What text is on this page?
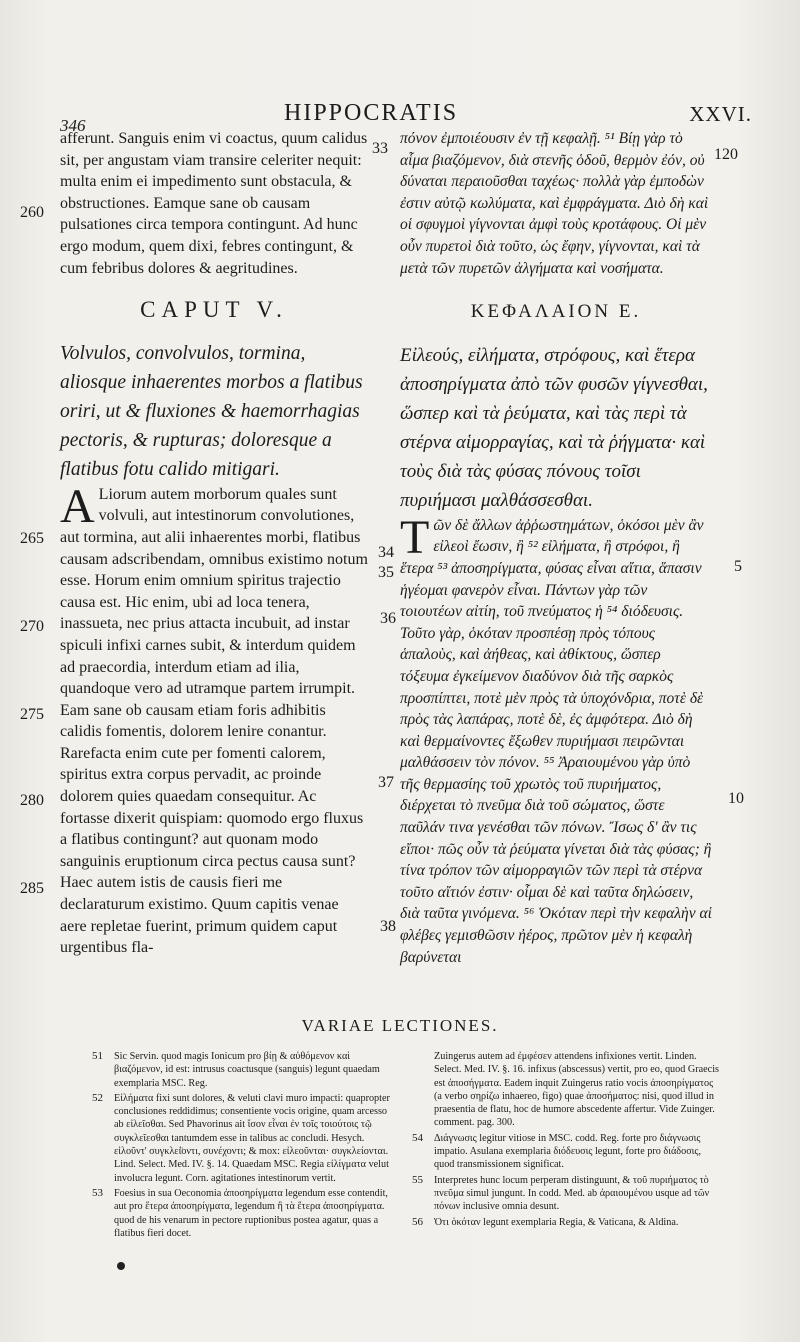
346	HIPPOCRATIS	XXVI.

afferunt. Sanguis enim vi coactus, quum calidus sit, per angustam viam transire celeriter nequit: multa enim ei impedimento sunt obstacula, & obstructiones. Eamque sane ob causam pulsationes circa tempora contingunt. Ad hunc ergo modum, quem dixi, febres contingunt, & cum febribus dolores & aegritudines.

CAPUT V.

Volvulos, convolvulos, tormina, aliosque inhaerentes morbos a flatibus oriri, ut & fluxiones & haemorrhagias pectoris, & rupturas; doloresque a flatibus fotu calido mitigari.

A Liorum autem morborum quales sunt volvuli, aut intestinorum convolutiones, aut tormina, aut alii inhaerentes morbi, flatibus causam adscribendam, omnibus existimo notum esse. Horum enim omnium spiritus trajectio causa est. Hic enim, ubi ad loca tenera, inassueta, nec prius attacta incubuit, ad instar spiculi infixi carnes subit, & interdum quidem ad praecordia, interdum etiam ad ilia, quandoque vero ad utramque partem irrumpit. Eam sane ob causam etiam foris adhibitis calidis fomentis, dolorem lenire conantur. Rarefacta enim cute per fomenti calorem, spiritus extra corpus pervadit, ac proinde dolorem quies quaedam consequitur. Ac fortasse dixerit quispiam: quomodo ergo fluxus a flatibus contingunt? aut quonam modo sanguinis eruptionum circa pectus causa sunt? Haec autem istis de causis fieri me declaraturum existimo. Quum capitis venae aere repletae fuerint, primum quidem caput urgentibus fla-

πόνον ἐμποιέουσιν ἐν τῇ κεφαλῇ. ⁵¹ Βίῃ γὰρ τὸ αἷμα βιαζόμενον, διὰ στενῆς ὁδοῦ, θερμὸν ἐόν, οὐ δύναται περαιοῦσθαι ταχέως· πολλὰ γὰρ ἐμποδὼν ἐστιν αὐτῷ κωλύματα, καὶ ἐμφράγματα. Διὸ δὴ καὶ οἱ σφυγμοὶ γίγνονται ἀμφὶ τοὺς κροτάφους. Οἱ μὲν οὖν πυρετοὶ διὰ τοῦτο, ὡς ἔφην, γίγνονται, καὶ τὰ μετὰ τῶν πυρετῶν ἀλγήματα καὶ νοσήματα.

ΚΕΦΑΛΑΙΟΝ Ε.

Εἰλεούς, εἰλήματα, στρόφους, καὶ ἕτερα ἀποσηρίγματα ἀπὸ τῶν φυσῶν γίγνεσθαι, ὥσπερ καὶ τὰ ῥεύματα, καὶ τὰς περὶ τὰ στέρνα αἱμορραγίας, καὶ τὰ ῥήγματα· καὶ τοὺς διὰ τὰς φύσας πόνους τοῖσι πυριήμασι μαλθάσσεσθαι.

Τῶν δὲ ἄλλων ἀῤῥωστημάτων, ὁκόσοι μὲν ἂν εἰλεοὶ ἔωσιν, ἢ ⁵² εἰλήματα, ἢ στρόφοι, ἢ ἕτερα ⁵³ ἀποσηρίγματα, φύσας εἶναι αἴτια, ἅπασιν ἡγέομαι φανερὸν εἶναι. Πάντων γὰρ τῶν τοιουτέων αἰτίη, τοῦ πνεύματος ἡ ⁵⁴ διόδευσις. Τοῦτο γὰρ, ὁκόταν προσπέσῃ πρὸς τόπους ἁπαλοὺς, καὶ ἀήθεας, καὶ ἀθίκτους, ὥσπερ τόξευμα ἐγκείμενον διαδύνον διὰ τῆς σαρκὸς προσπίπτει, ποτὲ μὲν πρὸς τὰ ὑποχόνδρια, ποτὲ δὲ πρὸς τὰς λαπάρας, ποτὲ δὲ, ἐς ἀμφότερα. Διὸ δὴ καὶ θερμαίνοντες ἔξωθεν πυριήμασι πειρῶνται μαλθάσσειν τὸν πόνον. ⁵⁵ Ἀραιουμένου γὰρ ὑπὸ τῆς θερμασίης τοῦ χρωτὸς τοῦ πυριήματος, διέρχεται τὸ πνεῦμα διὰ τοῦ σώματος, ὥστε παῦλάν τινα γενέσθαι τῶν πόνων. Ἴσως δ' ἂν τις εἴποι· πῶς οὖν τὰ ῥεύματα γίνεται διὰ τὰς φύσας; ἢ τίνα τρόπον τῶν αἱμορραγιῶν τῶν περὶ τὰ στέρνα τοῦτο αἴτιόν ἐστιν· οἶμαι δὲ καὶ ταῦτα δηλώσειν, διὰ ταῦτα γινόμενα. ⁵⁶ Ὁκόταν περὶ τὴν κεφαλὴν αἱ φλέβες γεμισθῶσιν ἠέρος, πρῶτον μὲν ἡ κεφαλὴ βαρύνεται

260
265
270
275
280
285
33
34
35
36
37
38
120
5
10
VARIAE LECTIONES.
51 Sic Servin. quod magis Ionicum pro βίῃ & αὐθόμενον καὶ βιαζόμενον, id est: intrusus coactusque (sanguis) legunt quaedam exemplaria MSC. Reg.
52 Εἰλήματα fixi sunt dolores, & veluti clavi muro impacti: quapropter conclusiones reddidimus; consentiente vocis origine, quam arcesso ab εἰλεῖσθαι. Sed Phavorinus ait ἴσον εἶναι ἐν τοῖς τοιούτοις τῷ συγκλεῖεσθαι tantumdem esse in talibus ac concludi. Hesych. εἰλοῦντ' συγκλεί̈οντι, συνέχοντι; & mox: εἰλεοῦνται· συγκλείονται. Lind. Select. Med. IV. §. 14. Quaedam MSC. Regia εἰλίγματα velut involucra legunt. Corn. agitationes intestinorum vertit.
53 Foesius in sua Oeconomia ἀποσηρίγματα legendum esse contendit, aut pro ἕτερα ἀποσηρίγματα, legendum ἢ τὰ ἕτερα ἀποσηρίγματα. quod de his venarum in pectore ruptionibus postea agatur, quas a flatibus fieri docet.
Zuingerus autem ad ἐμφέσεν attendens infixiones vertit. Linden. Select. Med. IV. §. 16. infixus (abscessus) vertit, pro eo, quod Graecis est ἀποσήγματα. Eadem inquit Zuingerus ratio vocis ἀποσηρίγματος (a verbo σηρίζω inhaereo, figo) quae ἀποσήματος: nisi, quod illud in praesentia de flatu, hoc de humore abscedente affertur. Vide Zuinger. comment. pag. 300.
54 Διάγνωσις legitur vitiose in MSC. codd. Reg. forte pro διάγνωσις impatio. Asulana exemplaria διόδευσις legunt, forte pro διάδοσις, quod transmissionem significat.
55 Interpretes hunc locum perperam distinguunt, & τοῦ πυριήματος τὸ πνεῦμα simul jungunt. In codd. Med. ab ἀραιουμένου usque ad τῶν πόνων inclusive omnia desunt.
56 Ὁτι ὁκόταν legunt exemplaria Regia, & Vaticana, & Aldina.
